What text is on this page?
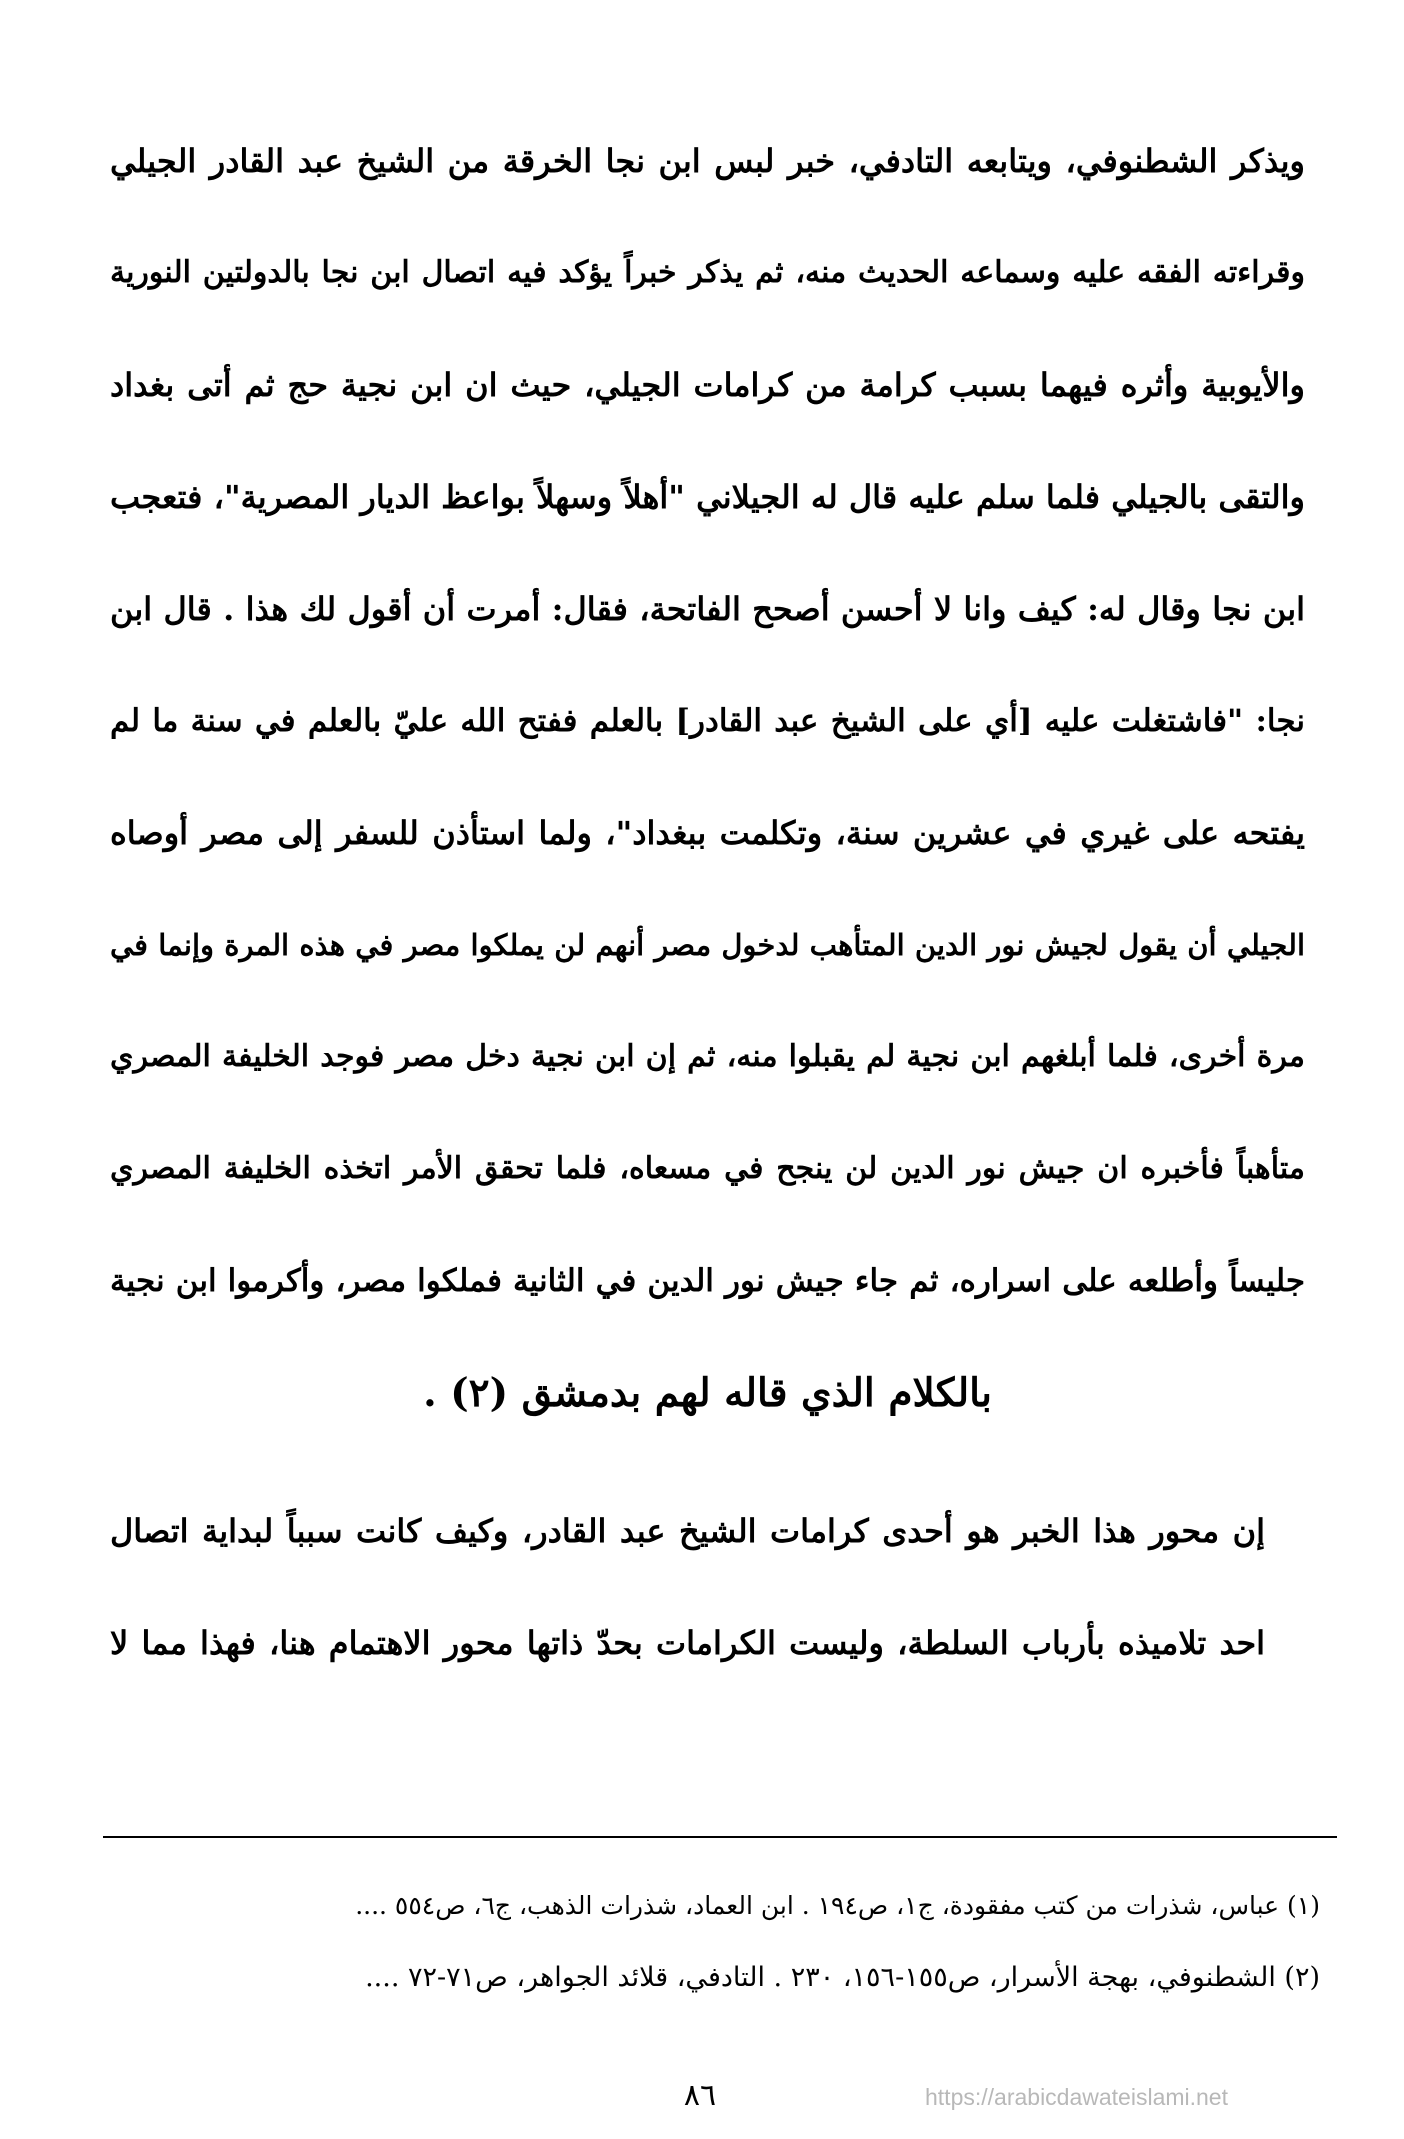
ويذكر الشطنوفي، ويتابعه التادفي، خبر لبس ابن نجا الخرقة من الشيخ عبد القادر الجيلي
وقراءته الفقه عليه وسماعه الحديث منه، ثم يذكر خبراً يؤكد فيه اتصال ابن نجا بالدولتين النورية
والأيوبية وأثره فيهما بسبب كرامة من كرامات الجيلي، حيث ان ابن نجية حج ثم أتى بغداد
والتقى بالجيلي فلما سلم عليه قال له الجيلاني "أهلاً وسهلاً بواعظ الديار المصرية"، فتعجب
ابن نجا وقال له: كيف وانا لا أحسن أصحح الفاتحة، فقال: أمرت أن أقول لك هذا . قال ابن
نجا: "فاشتغلت عليه [أي على الشيخ عبد القادر] بالعلم ففتح الله عليّ بالعلم في سنة ما لم
يفتحه على غيري في عشرين سنة، وتكلمت ببغداد"، ولما استأذن للسفر إلى مصر أوصاه
الجيلي أن يقول لجيش نور الدين المتأهب لدخول مصر أنهم لن يملكوا مصر في هذه المرة وإنما في
مرة أخرى، فلما أبلغهم ابن نجية لم يقبلوا منه، ثم إن ابن نجية دخل مصر فوجد الخليفة المصري
متأهباً فأخبره ان جيش نور الدين لن ينجح في مسعاه، فلما تحقق الأمر اتخذه الخليفة المصري
جليساً وأطلعه على اسراره، ثم جاء جيش نور الدين في الثانية فملكوا مصر، وأكرموا ابن نجية
بالكلام الذي قاله لهم بدمشق (٢) .
إن محور هذا الخبر هو أحدى كرامات الشيخ عبد القادر، وكيف كانت سبباً لبداية اتصال
احد تلاميذه بأرباب السلطة، وليست الكرامات بحدّ ذاتها محور الاهتمام هنا، فهذا مما لا
(١) عباس، شذرات من كتب مفقودة، ج١، ص١٩٤ . ابن العماد، شذرات الذهب، ج٦، ص٥٥٤ ....
(٢) الشطنوفي، بهجة الأسرار، ص١٥٥-١٥٦، ٢٣٠ . التادفي، قلائد الجواهر، ص٧١-٧٢ ....
٨٦	https://arabicdawateislami.net
